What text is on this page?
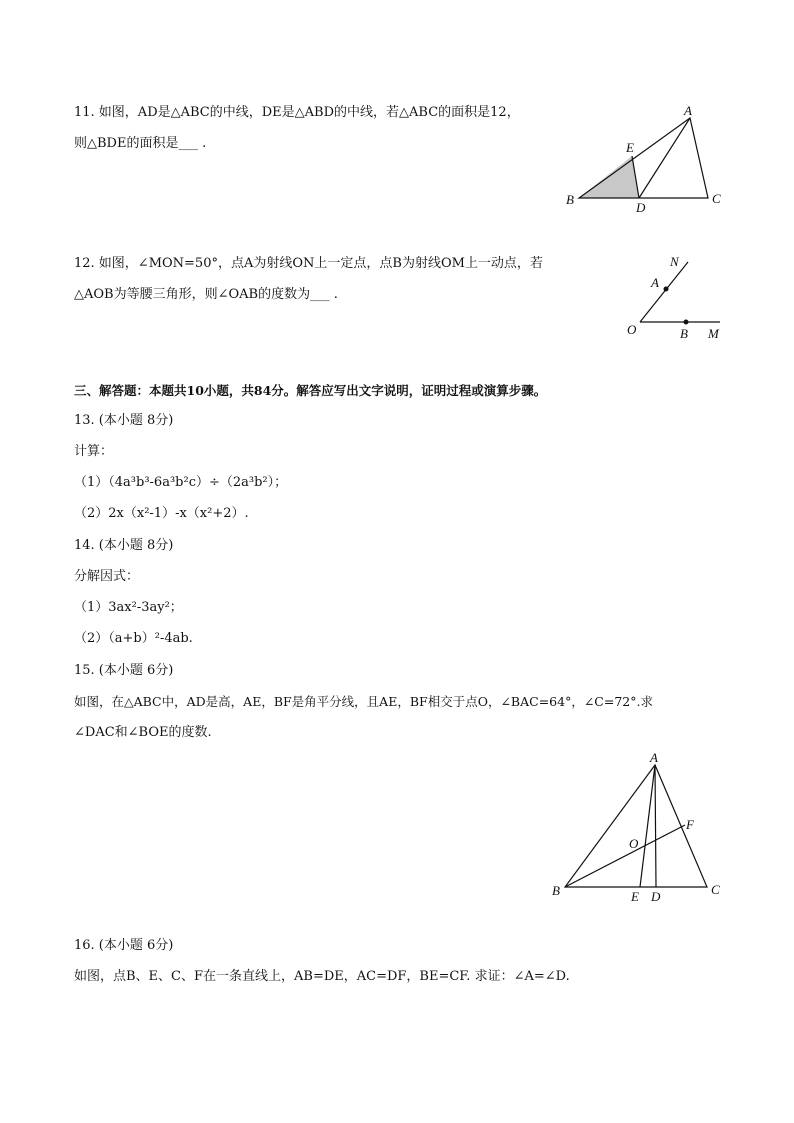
11. 如图，AD是△ABC的中线，DE是△ABD的中线，若△ABC的面积是12，
则△BDE的面积是___ .
A
B	C
D
E
12. 如图，∠MON=50°，点A为射线ON上一定点，点B为射线OM上一动点，若
△AOB为等腰三角形，则∠OAB的度数为___ .
N
A
O	B M
三、解答题：本题共10小题，共84分。解答应写出文字说明，证明过程或演算步骤。
13. (本小题 8分)
计算：
（1）（4a³b³-6a³b²c）÷（2a³b²）；
（2）2x（x²-1）-x（x²+2）.
14. (本小题 8分)
分解因式：
（1）3ax²-3ay²；
（2）（a+b）²-4ab.
15. (本小题 6分)
如图，在△ABC中，AD是高，AE，BF是角平分线，且AE，BF相交于点O，∠BAC=64°，∠C=72°.求
∠DAC和∠BOE的度数.
A
B	C
D
E
F
O
16. (本小题 6分)
如图，点B、E、C、F在一条直线上，AB=DE，AC=DF，BE=CF. 求证：∠A=∠D.
